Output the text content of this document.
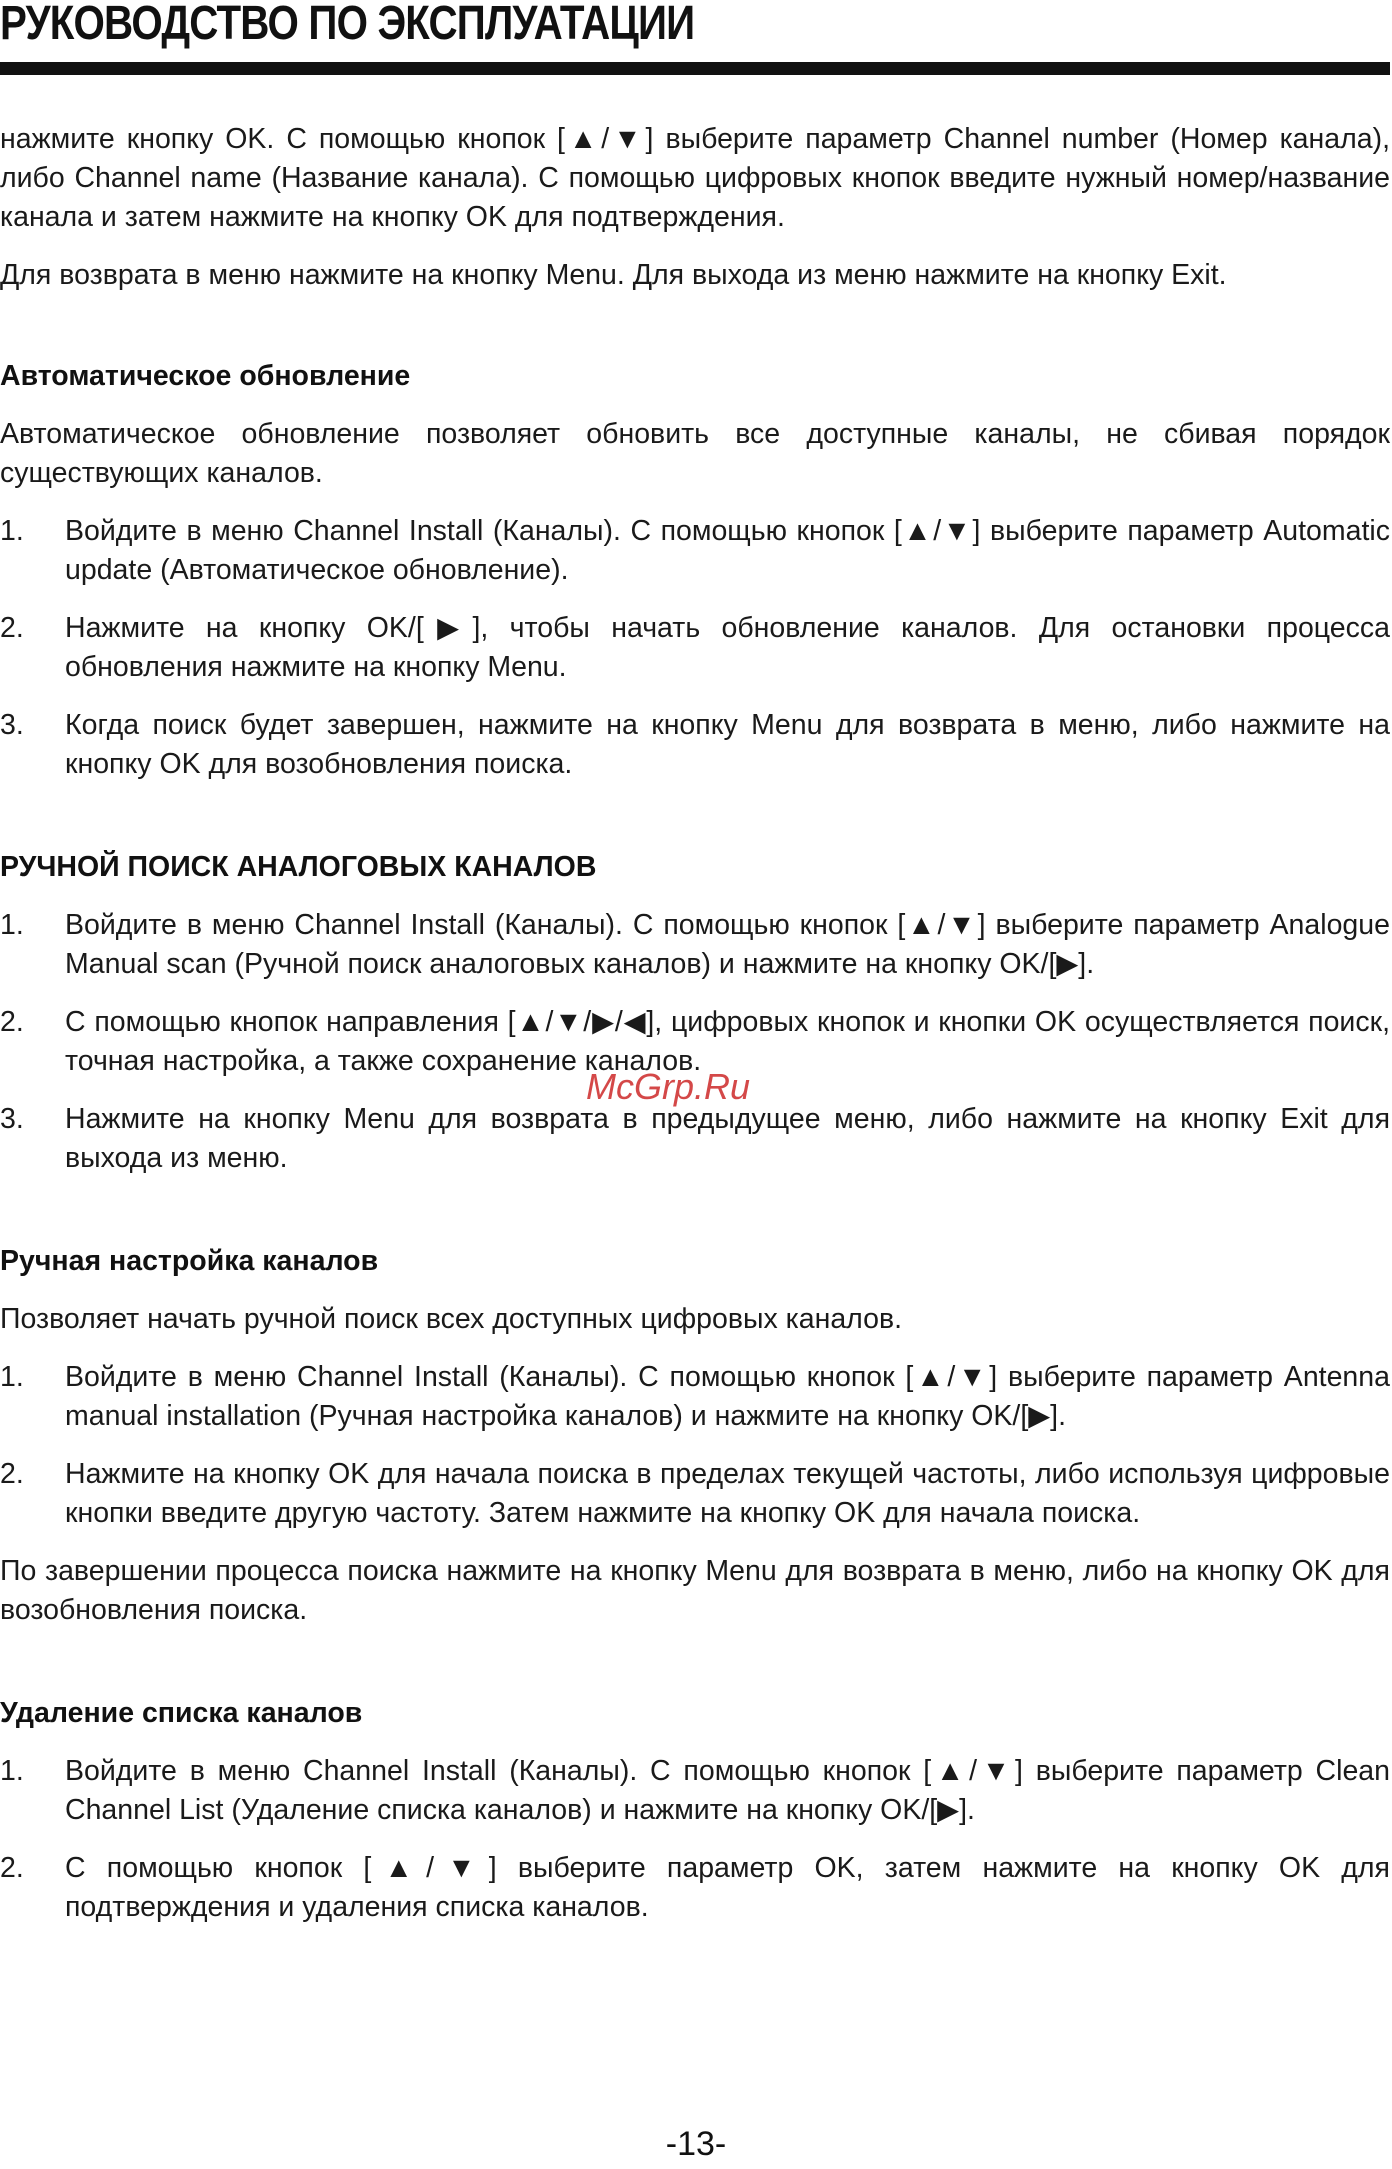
РУКОВОДСТВО ПО ЭКСПЛУАТАЦИИ

нажмите кнопку OK. С помощью кнопок [▲/▼] выберите параметр Channel number (Номер канала), либо Channel name (Название канала). С помощью цифровых кнопок введите нужный номер/название канала и затем нажмите на кнопку OK для подтверждения.

Для возврата в меню нажмите на кнопку Menu. Для выхода из меню нажмите на кнопку Exit.

Автоматическое обновление

Автоматическое обновление позволяет обновить все доступные каналы, не сбивая порядок существующих каналов.

1. Войдите в меню Channel Install (Каналы). С помощью кнопок [▲/▼] выберите параметр Automatic update (Автоматическое обновление).
2. Нажмите на кнопку OK/[▶], чтобы начать обновление каналов. Для остановки процесса обновления нажмите на кнопку Menu.
3. Когда поиск будет завершен, нажмите на кнопку Menu для возврата в меню, либо нажмите на кнопку OK для возобновления поиска.
РУЧНОЙ ПОИСК АНАЛОГОВЫХ КАНАЛОВ
1. Войдите в меню Channel Install (Каналы). С помощью кнопок [▲/▼] выберите параметр Analogue Manual scan (Ручной поиск аналоговых каналов) и нажмите на кнопку OK/[▶].
2. С помощью кнопок направления [▲/▼/▶/◀], цифровых кнопок и кнопки OK осуществляется поиск, точная настройка, а также сохранение каналов.
3. Нажмите на кнопку Menu для возврата в предыдущее меню, либо нажмите на кнопку Exit для выхода из меню.
Ручная настройка каналов

Позволяет начать ручной поиск всех доступных цифровых каналов.

1. Войдите в меню Channel Install (Каналы). С помощью кнопок [▲/▼] выберите параметр Antenna manual installation (Ручная настройка каналов) и нажмите на кнопку OK/[▶].
2. Нажмите на кнопку OK для начала поиска в пределах текущей частоты, либо используя цифровые кнопки введите другую частоту. Затем нажмите на кнопку OK для начала поиска.

По завершении процесса поиска нажмите на кнопку Menu для возврата в меню, либо на кнопку OK для возобновления поиска.

Удаление списка каналов
1. Войдите в меню Channel Install (Каналы). С помощью кнопок [▲/▼] выберите параметр Clean Channel List (Удаление списка каналов) и нажмите на кнопку OK/[▶].
2. С помощью кнопок [▲/▼] выберите параметр OK, затем нажмите на кнопку OK для подтверждения и удаления списка каналов.
McGrp.Ru
-13-
